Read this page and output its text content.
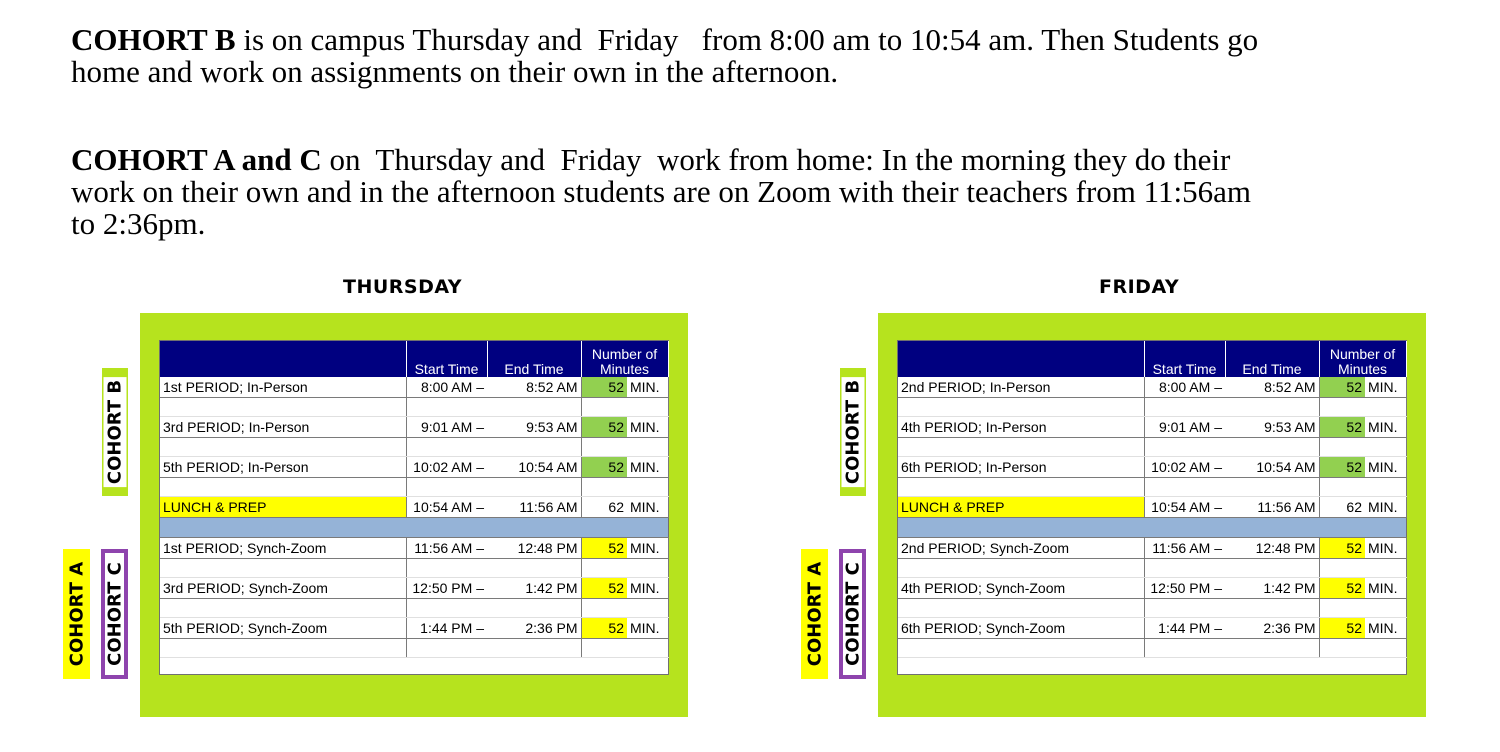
COHORT B is on campus Thursday and  Friday   from 8:00 am to 10:54 am. Then Students go
home and work on assignments on their own in the afternoon.
COHORT A and C on  Thursday and  Friday  work from home: In the morning they do their
work on their own and in the afternoon students are on Zoom with their teachers from 11:56am
to 2:36pm.
THURSDAY	FRIDAY
COHORT B
COHORT A COHORT C
COHORT B
COHORT A COHORT C
	Start Time	End Time	Number of
Minutes	

1st PERIOD; In-Person	8:00 AM –	8:52 AM	52	MIN.

3rd PERIOD; In-Person	9:01 AM –	9:53 AM	52	MIN.

5th PERIOD; In-Person	10:02 AM –	10:54 AM	52	MIN.

LUNCH & PREP	10:54 AM –	11:56 AM	62	MIN.

1st PERIOD; Synch-Zoom	11:56 AM –	12:48 PM	52	MIN.

3rd PERIOD; Synch-Zoom	12:50 PM –	1:42 PM	52	MIN.

5th PERIOD; Synch-Zoom	1:44 PM –	2:36 PM	52	MIN.

	Start Time	End Time	Number of
Minutes	

2nd PERIOD; In-Person	8:00 AM –	8:52 AM	52	MIN.

4th PERIOD; In-Person	9:01 AM –	9:53 AM	52	MIN.

6th PERIOD; In-Person	10:02 AM –	10:54 AM	52	MIN.

LUNCH & PREP	10:54 AM –	11:56 AM	62	MIN.

2nd PERIOD; Synch-Zoom	11:56 AM –	12:48 PM	52	MIN.

4th PERIOD; Synch-Zoom	12:50 PM –	1:42 PM	52	MIN.

6th PERIOD; Synch-Zoom	1:44 PM –	2:36 PM	52	MIN.
